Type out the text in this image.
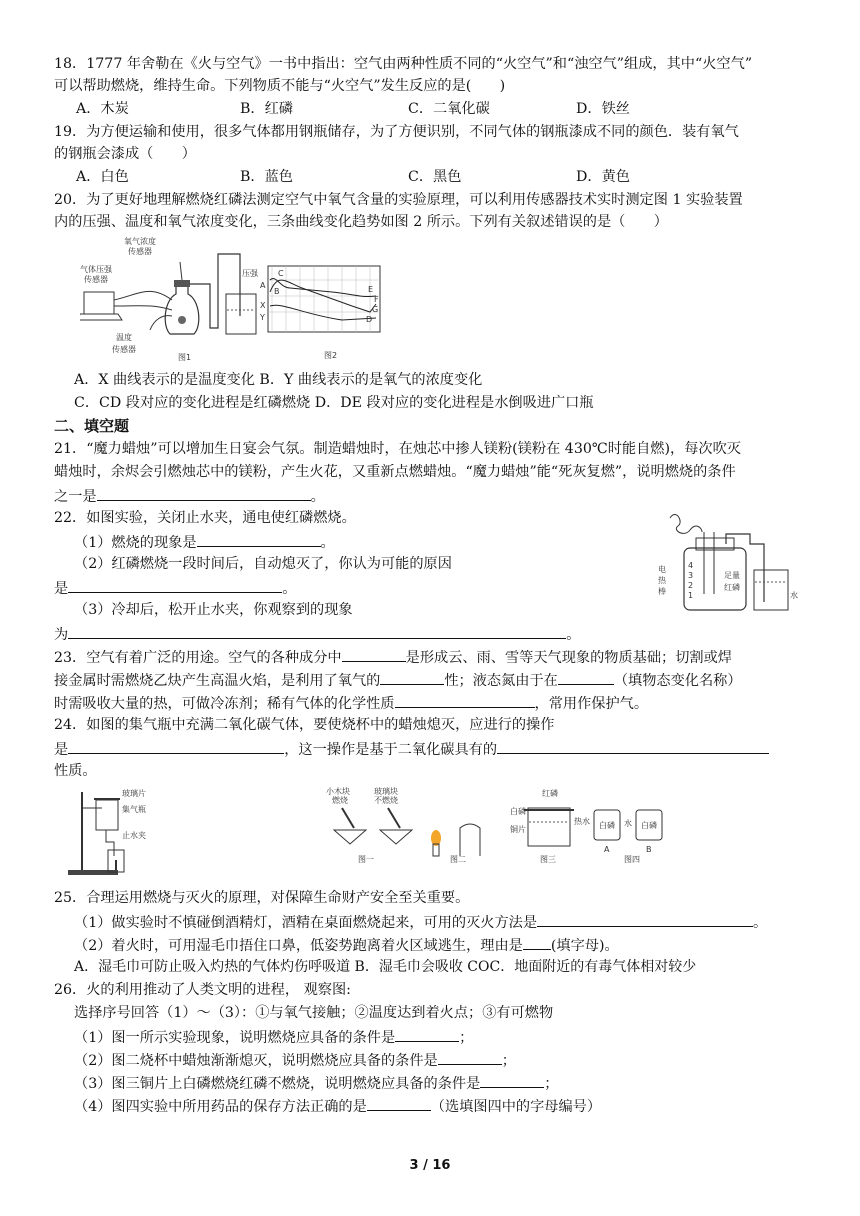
18．1777 年舍勒在《火与空气》一书中指出：空气由两种性质不同的“火空气”和“浊空气”组成，其中“火空气”
可以帮助燃烧，维持生命。下列物质不能与“火空气”发生反应的是(　　)
A．木炭	B．红磷	C．二氧化碳	D．铁丝
19．为方便运输和使用，很多气体都用钢瓶储存，为了方便识别，不同气体的钢瓶漆成不同的颜色．装有氧气
的钢瓶会漆成（　　）
A．白色	B．蓝色	C．黑色	D．黄色
20．为了更好地理解燃烧红磷法测定空气中氧气含量的实验原理，可以利用传感器技术实时测定图 1 实验装置
内的压强、温度和氧气浓度变化，三条曲线变化趋势如图 2 所示。下列有关叙述错误的是（　　）
氧气浓度
传感器
气体压强
传感器
温度
传感器
图1
压强
A
B
C
D
E
F
G
X
Y
图2
A．X 曲线表示的是温度变化 B．Y 曲线表示的是氧气的浓度变化
C．CD 段对应的变化进程是红磷燃烧 D．DE 段对应的变化进程是水倒吸进广口瓶
二、填空题
21．“魔力蜡烛”可以增加生日宴会气氛。制造蜡烛时，在烛芯中掺人镁粉(镁粉在 430℃时能自燃)，每次吹灭
蜡烛时，余烬会引燃烛芯中的镁粉，产生火花，又重新点燃蜡烛。“魔力蜡烛”能“死灰复燃”，说明燃烧的条件
之一是	。
22．如图实验，关闭止水夹，通电使红磷燃烧。
（1）燃烧的现象是	。
（2）红磷燃烧一段时间后，自动熄灭了，你认为可能的原因
是	。
（3）冷却后，松开止水夹，你观察到的现象
为	。
电
热
棒
4
3
2
1
足量
红磷
水
23．空气有着广泛的用途。空气的各种成分中	是形成云、雨、雪等天气现象的物质基础；切割或焊
接金属时需燃烧乙炔产生高温火焰，是利用了氧气的	性；液态氮由于在	（填物态变化名称）
时需吸收大量的热，可做冷冻剂；稀有气体的化学性质	，常用作保护气。
24．如图的集气瓶中充满二氧化碳气体，要使烧杯中的蜡烛熄灭，应进行的操作
是	，这一操作是基于二氧化碳具有的
性质。
玻璃片
集气瓶
止水夹
小木块
燃烧
玻璃块
不燃烧
图一	图二
红磷
白磷
铜片
热水
图三
白磷	白磷
水
A	B
图四
25．合理运用燃烧与灭火的原理，对保障生命财产安全至关重要。
（1）做实验时不慎碰倒酒精灯，酒精在桌面燃烧起来，可用的灭火方法是	。
（2）着火时，可用湿毛巾捂住口鼻，低姿势跑离着火区域逃生，理由是 (填字母)。
A．湿毛巾可防止吸入灼热的气体灼伤呼吸道 B．湿毛巾会吸收 COC．地面附近的有毒气体相对较少
26．火的利用推动了人类文明的进程， 观察图:
选择序号回答（1）～（3）：①与氧气接触；②温度达到着火点；③有可燃物
（1）图一所示实验现象，说明燃烧应具备的条件是	；
（2）图二烧杯中蜡烛渐渐熄灭，说明燃烧应具备的条件是	；
（3）图三铜片上白磷燃烧红磷不燃烧，说明燃烧应具备的条件是	；
（4）图四实验中所用药品的保存方法正确的是	（选填图四中的字母编号）
3 / 16
